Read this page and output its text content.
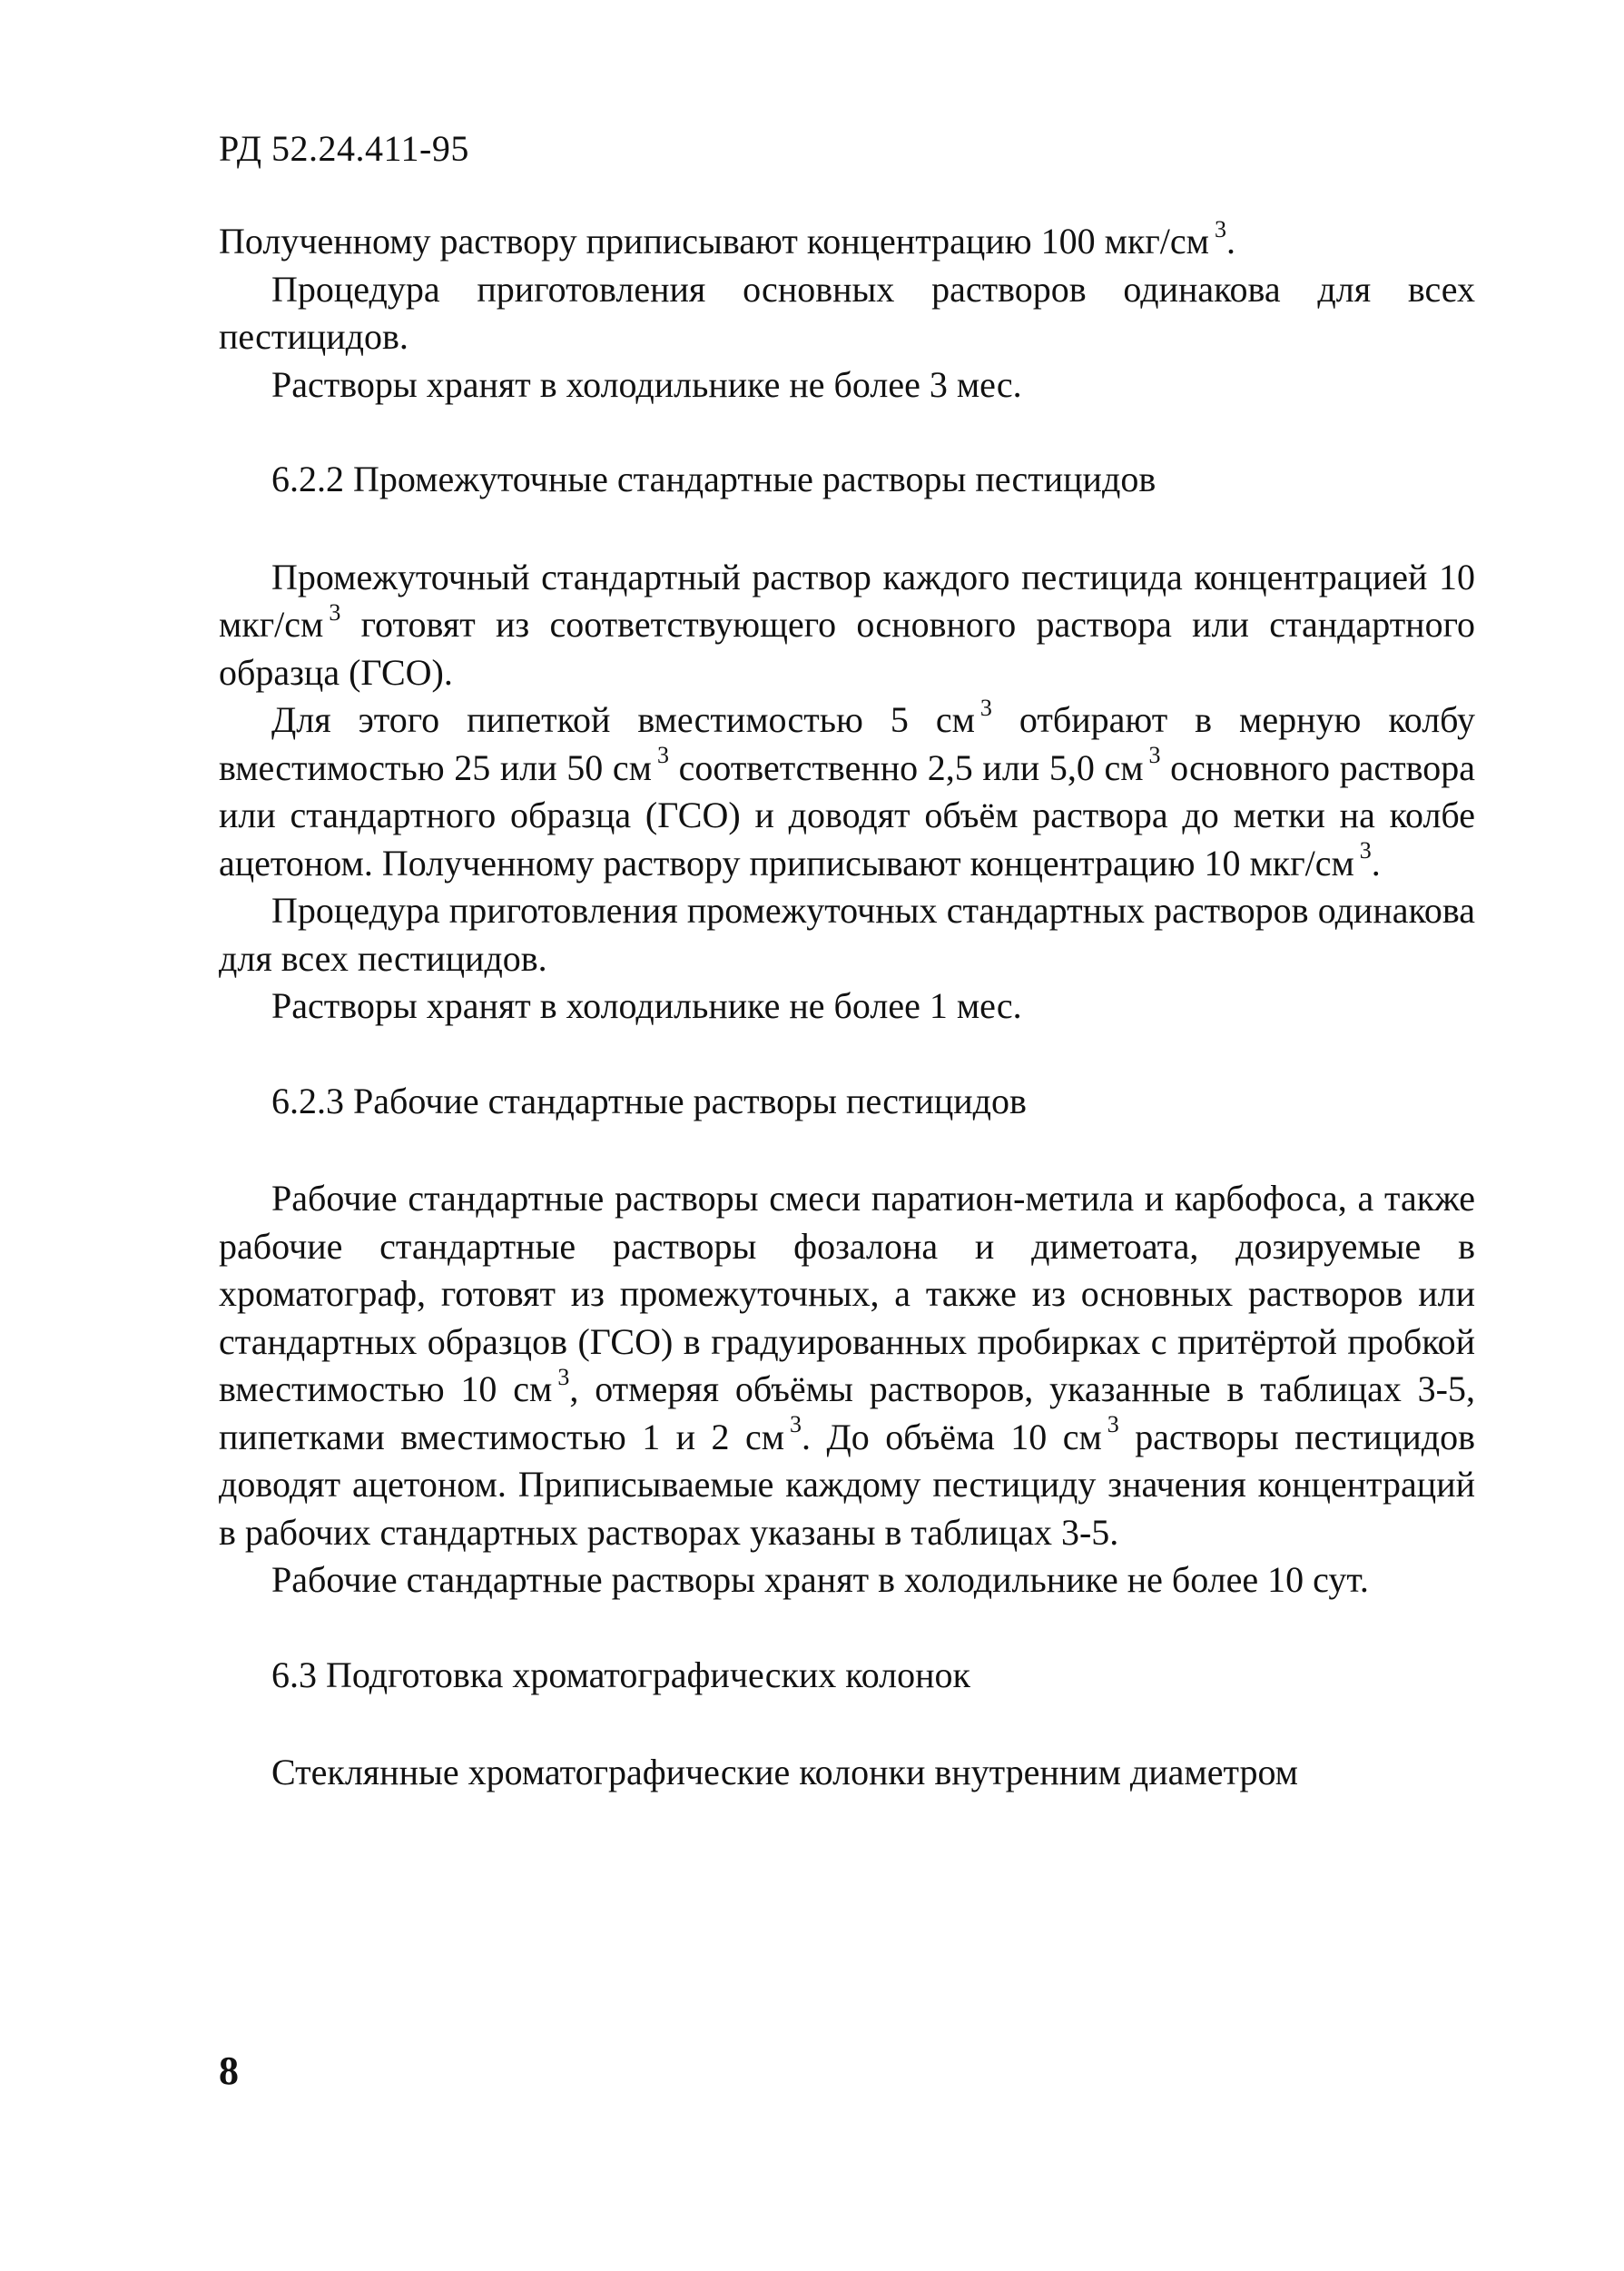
РД 52.24.411-95

Полученному раствору приписывают концентрацию 100 мкг/см $^3$.

Процедура приготовления основных растворов одинакова для всех пестицидов.

Растворы хранят в холодильнике не более 3 мес.

6.2.2 Промежуточные стандартные растворы пестицидов

Промежуточный стандартный раствор каждого пестицида концентрацией 10 мкг/см $^3$ готовят из соответствующего основного раствора или стандартного образца (ГСО).

Для этого пипеткой вместимостью 5 см $^3$ отбирают в мерную колбу вместимостью 25 или 50 см $^3$ соответственно 2,5 или 5,0 см $^3$ основного раствора или стандартного образца (ГСО) и доводят объём раствора до метки на колбе ацетоном. Полученному раствору приписывают концентрацию 10 мкг/см $^3$.

Процедура приготовления промежуточных стандартных растворов одинакова для всех пестицидов.

Растворы хранят в холодильнике не более 1 мес.

6.2.3 Рабочие стандартные растворы пестицидов

Рабочие стандартные растворы смеси паратион-метила и карбофоса, а также рабочие стандартные растворы фозалона и диметоата, дозируемые в хроматограф, готовят из промежуточных, а также из основных растворов или стандартных образцов (ГСО) в градуированных пробирках с притёртой пробкой вместимостью 10 см $^3$, отмеряя объёмы растворов, указанные в таблицах 3-5, пипетками вместимостью 1 и 2 см $^3$. До объёма 10 см $^3$ растворы пестицидов доводят ацетоном. Приписываемые каждому пестициду значения концентраций в рабочих стандартных растворах указаны в таблицах 3-5.

Рабочие стандартные растворы хранят в холодильнике не более 10 сут.

6.3 Подготовка хроматографических колонок

Стеклянные хроматографические колонки внутренним диаметром

8
